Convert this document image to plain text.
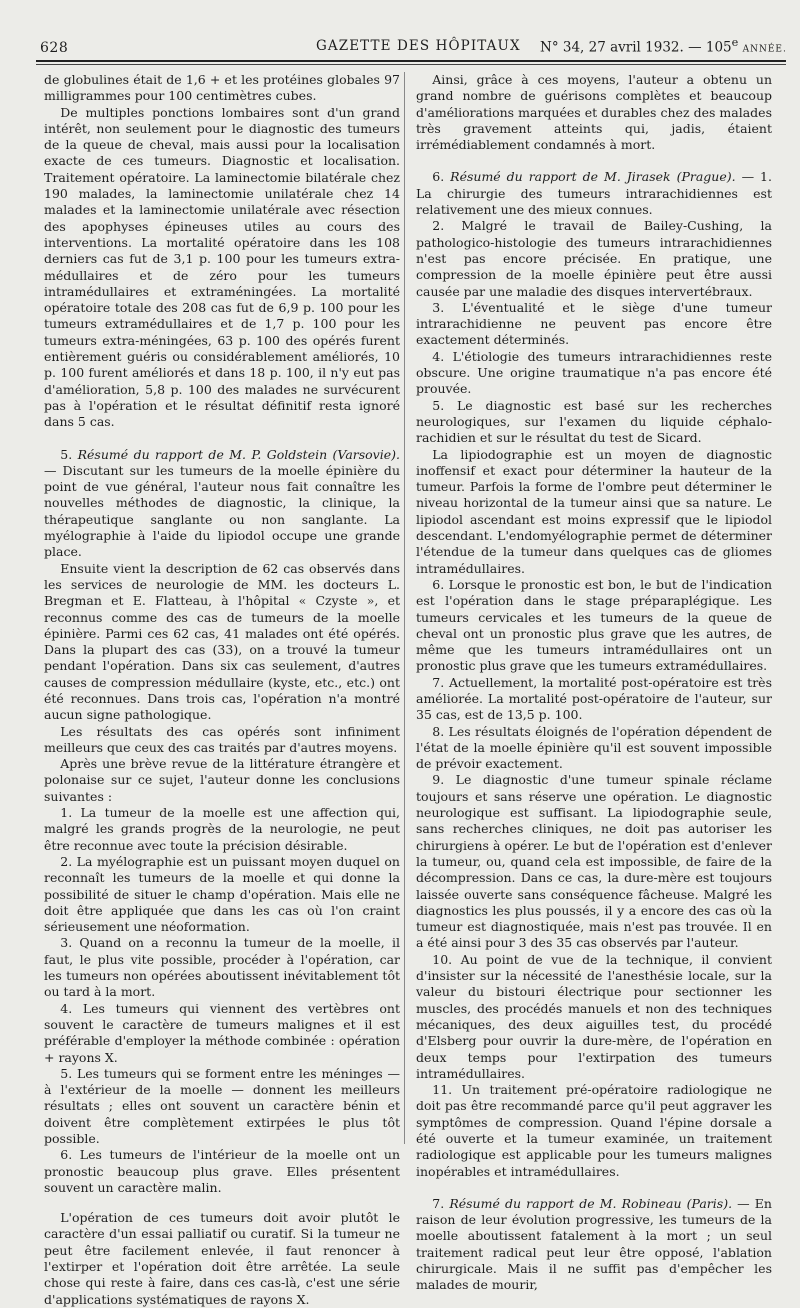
628	GAZETTE DES HÔPITAUX N° 34, 27 avril 1932. — 105e ANNÉE.

de globulines était de 1,6 + et les protéines globales 97 milligrammes pour 100 centimètres cubes.

De multiples ponctions lombaires sont d'un grand intérêt, non seulement pour le diagnostic des tumeurs de la queue de cheval, mais aussi pour la localisation exacte de ces tumeurs. Diagnostic et localisation. Traitement opératoire. La laminectomie bilatérale chez 190 malades, la laminectomie unilatérale chez 14 malades et la laminectomie unilatérale avec résection des apophyses épineuses utiles au cours des interventions. La mortalité opératoire dans les 108 derniers cas fut de 3,1 p. 100 pour les tumeurs extra-médullaires et de zéro pour les tumeurs intramédullaires et extraméningées. La mortalité opératoire totale des 208 cas fut de 6,9 p. 100 pour les tumeurs extramédullaires et de 1,7 p. 100 pour les tumeurs extra-méningées, 63 p. 100 des opérés furent entièrement guéris ou considérablement améliorés, 10 p. 100 furent améliorés et dans 18 p. 100, il n'y eut pas d'amélioration, 5,8 p. 100 des malades ne survécurent pas à l'opération et le résultat définitif resta ignoré dans 5 cas.

5. Résumé du rapport de M. P. Goldstein (Varsovie). — Discutant sur les tumeurs de la moelle épinière du point de vue général, l'auteur nous fait connaître les nouvelles méthodes de diagnostic, la clinique, la thérapeutique sanglante ou non sanglante. La myélographie à l'aide du lipiodol occupe une grande place.

Ensuite vient la description de 62 cas observés dans les services de neurologie de MM. les docteurs L. Bregman et E. Flatteau, à l'hôpital « Czyste », et reconnus comme des cas de tumeurs de la moelle épinière. Parmi ces 62 cas, 41 malades ont été opérés. Dans la plupart des cas (33), on a trouvé la tumeur pendant l'opération. Dans six cas seulement, d'autres causes de compression médullaire (kyste, etc., etc.) ont été reconnues. Dans trois cas, l'opération n'a montré aucun signe pathologique.

Les résultats des cas opérés sont infiniment meilleurs que ceux des cas traités par d'autres moyens.

Après une brève revue de la littérature étrangère et polonaise sur ce sujet, l'auteur donne les conclusions suivantes :

1. La tumeur de la moelle est une affection qui, malgré les grands progrès de la neurologie, ne peut être reconnue avec toute la précision désirable.

2. La myélographie est un puissant moyen duquel on reconnaît les tumeurs de la moelle et qui donne la possibilité de situer le champ d'opération. Mais elle ne doit être appliquée que dans les cas où l'on craint sérieusement une néoformation.

3. Quand on a reconnu la tumeur de la moelle, il faut, le plus vite possible, procéder à l'opération, car les tumeurs non opérées aboutissent inévitablement tôt ou tard à la mort.

4. Les tumeurs qui viennent des vertèbres ont souvent le caractère de tumeurs malignes et il est préférable d'employer la méthode combinée : opération + rayons X.

5. Les tumeurs qui se forment entre les méninges — à l'extérieur de la moelle — donnent les meilleurs résultats ; elles ont souvent un caractère bénin et doivent être complètement extirpées le plus tôt possible.

6. Les tumeurs de l'intérieur de la moelle ont un pronostic beaucoup plus grave. Elles présentent souvent un caractère malin.

L'opération de ces tumeurs doit avoir plutôt le caractère d'un essai palliatif ou curatif. Si la tumeur ne peut être facilement enlevée, il faut renoncer à l'extirper et l'opération doit être arrêtée. La seule chose qui reste à faire, dans ces cas-là, c'est une série d'applications systématiques de rayons X.

Ainsi, grâce à ces moyens, l'auteur a obtenu un grand nombre de guérisons complètes et beaucoup d'améliorations marquées et durables chez des malades très gravement atteints qui, jadis, étaient irrémédiablement condamnés à mort.

6. Résumé du rapport de M. Jirasek (Prague). — 1. La chirurgie des tumeurs intrarachidiennes est relativement une des mieux connues.

2. Malgré le travail de Bailey-Cushing, la pathologico-histologie des tumeurs intrarachidiennes n'est pas encore précisée. En pratique, une compression de la moelle épinière peut être aussi causée par une maladie des disques intervertébraux.

3. L'éventualité et le siège d'une tumeur intrarachidienne ne peuvent pas encore être exactement déterminés.

4. L'étiologie des tumeurs intrarachidiennes reste obscure. Une origine traumatique n'a pas encore été prouvée.

5. Le diagnostic est basé sur les recherches neurologiques, sur l'examen du liquide céphalo-rachidien et sur le résultat du test de Sicard.

La lipiodographie est un moyen de diagnostic inoffensif et exact pour déterminer la hauteur de la tumeur. Parfois la forme de l'ombre peut déterminer le niveau horizontal de la tumeur ainsi que sa nature. Le lipiodol ascendant est moins expressif que le lipiodol descendant. L'endomyélographie permet de déterminer l'étendue de la tumeur dans quelques cas de gliomes intramédullaires.

6. Lorsque le pronostic est bon, le but de l'indication est l'opération dans le stage préparaplégique. Les tumeurs cervicales et les tumeurs de la queue de cheval ont un pronostic plus grave que les autres, de même que les tumeurs intramédullaires ont un pronostic plus grave que les tumeurs extramédullaires.

7. Actuellement, la mortalité post-opératoire est très améliorée. La mortalité post-opératoire de l'auteur, sur 35 cas, est de 13,5 p. 100.

8. Les résultats éloignés de l'opération dépendent de l'état de la moelle épinière qu'il est souvent impossible de prévoir exactement.

9. Le diagnostic d'une tumeur spinale réclame toujours et sans réserve une opération. Le diagnostic neurologique est suffisant. La lipiodographie seule, sans recherches cliniques, ne doit pas autoriser les chirurgiens à opérer. Le but de l'opération est d'enlever la tumeur, ou, quand cela est impossible, de faire de la décompression. Dans ce cas, la dure-mère est toujours laissée ouverte sans conséquence fâcheuse. Malgré les diagnostics les plus poussés, il y a encore des cas où la tumeur est diagnostiquée, mais n'est pas trouvée. Il en a été ainsi pour 3 des 35 cas observés par l'auteur.

10. Au point de vue de la technique, il convient d'insister sur la nécessité de l'anesthésie locale, sur la valeur du bistouri électrique pour sectionner les muscles, des procédés manuels et non des techniques mécaniques, des deux aiguilles test, du procédé d'Elsberg pour ouvrir la dure-mère, de l'opération en deux temps pour l'extirpation des tumeurs intramédullaires.

11. Un traitement pré-opératoire radiologique ne doit pas être recommandé parce qu'il peut aggraver les symptômes de compression. Quand l'épine dorsale a été ouverte et la tumeur examinée, un traitement radiologique est applicable pour les tumeurs malignes inopérables et intramédullaires.

7. Résumé du rapport de M. Robineau (Paris). — En raison de leur évolution progressive, les tumeurs de la moelle aboutissent fatalement à la mort ; un seul traitement radical peut leur être opposé, l'ablation chirurgicale. Mais il ne suffit pas d'empêcher les malades de mourir,
